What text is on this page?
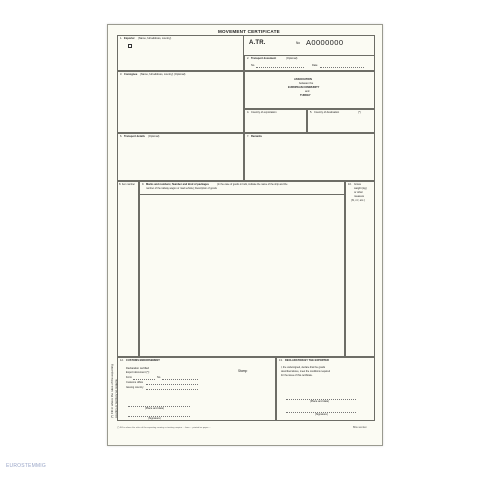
MOVEMENT CERTIFICATE
1. Exporter (Name, full address, country)
A.TR.	No A0000000
2. Transport document	(Optional)
No	Date
3. Consignee (Name, full address, country) (Optional)
ASSOCIATION
between the
EUROPEAN COMMUNITY
and
TURKEY
4. Country of exportation	5. Country of destination	(*)
6. Transport details (Optional)	7. Remarks
8. Item number	9. Marks and numbers; Number and kind of packages	(In the case of goods in bulk, indicate the name of the ship and the
number of the railway wagon or road vehicle); Description of goods
10. Gross
weight (kg)
or other
measure
(hl, m³, etc.)
12. CUSTOMS ENDORSEMENT
Declaration certified
Export document (*):
Form	No
Customs office
Issuing country
Stamp
(Place and date)
(Signature)
13. DECLARATION BY THE EXPORTER
I, the undersigned, declare that the goods
described above, meet the conditions required
for the issue of this certificate.
(Place and date)
(Signature)
(*) Fill in where the rules of the exporting country or territory so require.
(*) Fill in where the rules of the exporting country or territory require ... form ... printed on paper ...	Bitte wenden
EUROSTEMMIG
